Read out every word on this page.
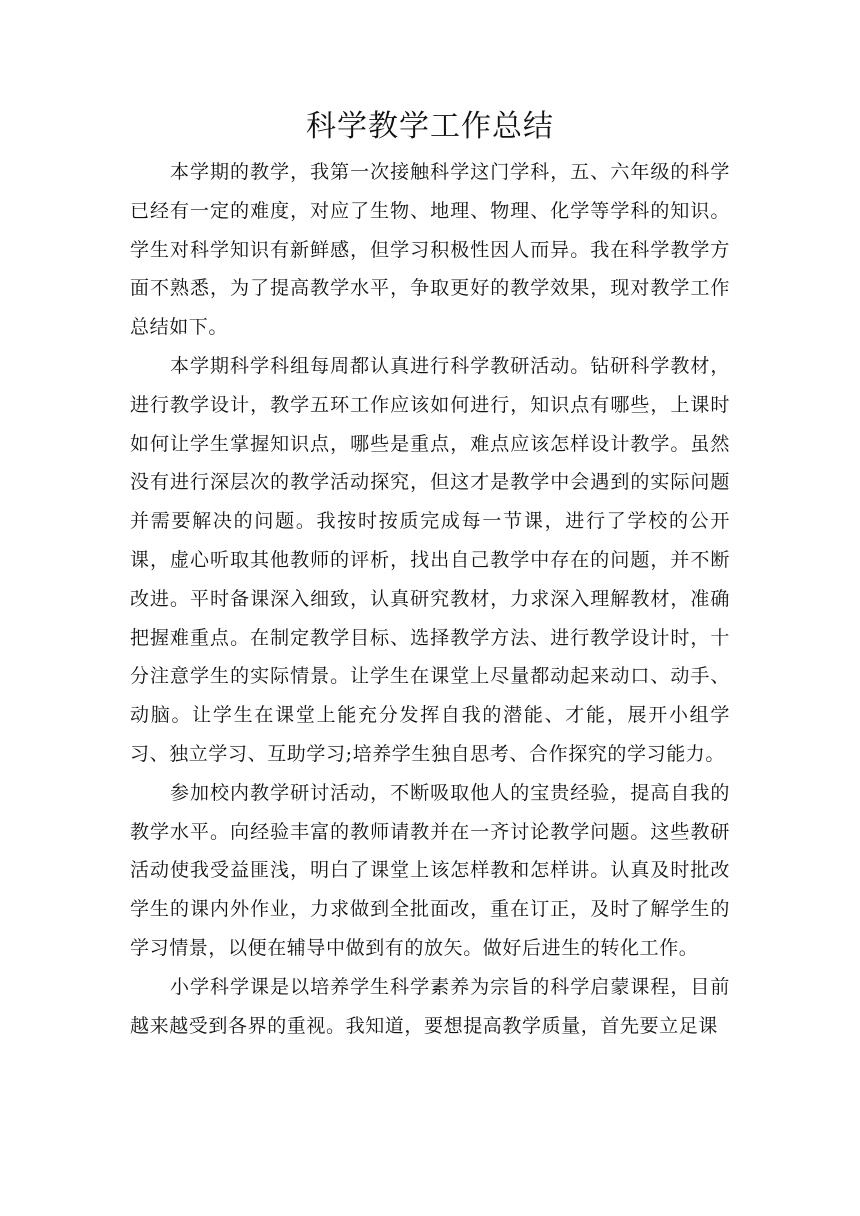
科学教学工作总结

本学期的教学，我第一次接触科学这门学科，五、六年级的科学已经有一定的难度，对应了生物、地理、物理、化学等学科的知识。学生对科学知识有新鲜感，但学习积极性因人而异。我在科学教学方面不熟悉，为了提高教学水平，争取更好的教学效果，现对教学工作总结如下。

本学期科学科组每周都认真进行科学教研活动。钻研科学教材，进行教学设计，教学五环工作应该如何进行，知识点有哪些，上课时如何让学生掌握知识点，哪些是重点，难点应该怎样设计教学。虽然没有进行深层次的教学活动探究，但这才是教学中会遇到的实际问题并需要解决的问题。我按时按质完成每一节课，进行了学校的公开课，虚心听取其他教师的评析，找出自己教学中存在的问题，并不断改进。平时备课深入细致，认真研究教材，力求深入理解教材，准确把握难重点。在制定教学目标、选择教学方法、进行教学设计时，十分注意学生的实际情景。让学生在课堂上尽量都动起来动口、动手、动脑。让学生在课堂上能充分发挥自我的潜能、才能，展开小组学习、独立学习、互助学习;培养学生独自思考、合作探究的学习能力。

参加校内教学研讨活动，不断吸取他人的宝贵经验，提高自我的教学水平。向经验丰富的教师请教并在一齐讨论教学问题。这些教研活动使我受益匪浅，明白了课堂上该怎样教和怎样讲。认真及时批改学生的课内外作业，力求做到全批面改，重在订正，及时了解学生的学习情景，以便在辅导中做到有的放矢。做好后进生的转化工作。

小学科学课是以培养学生科学素养为宗旨的科学启蒙课程，目前越来越受到各界的重视。我知道，要想提高教学质量，首先要立足课
